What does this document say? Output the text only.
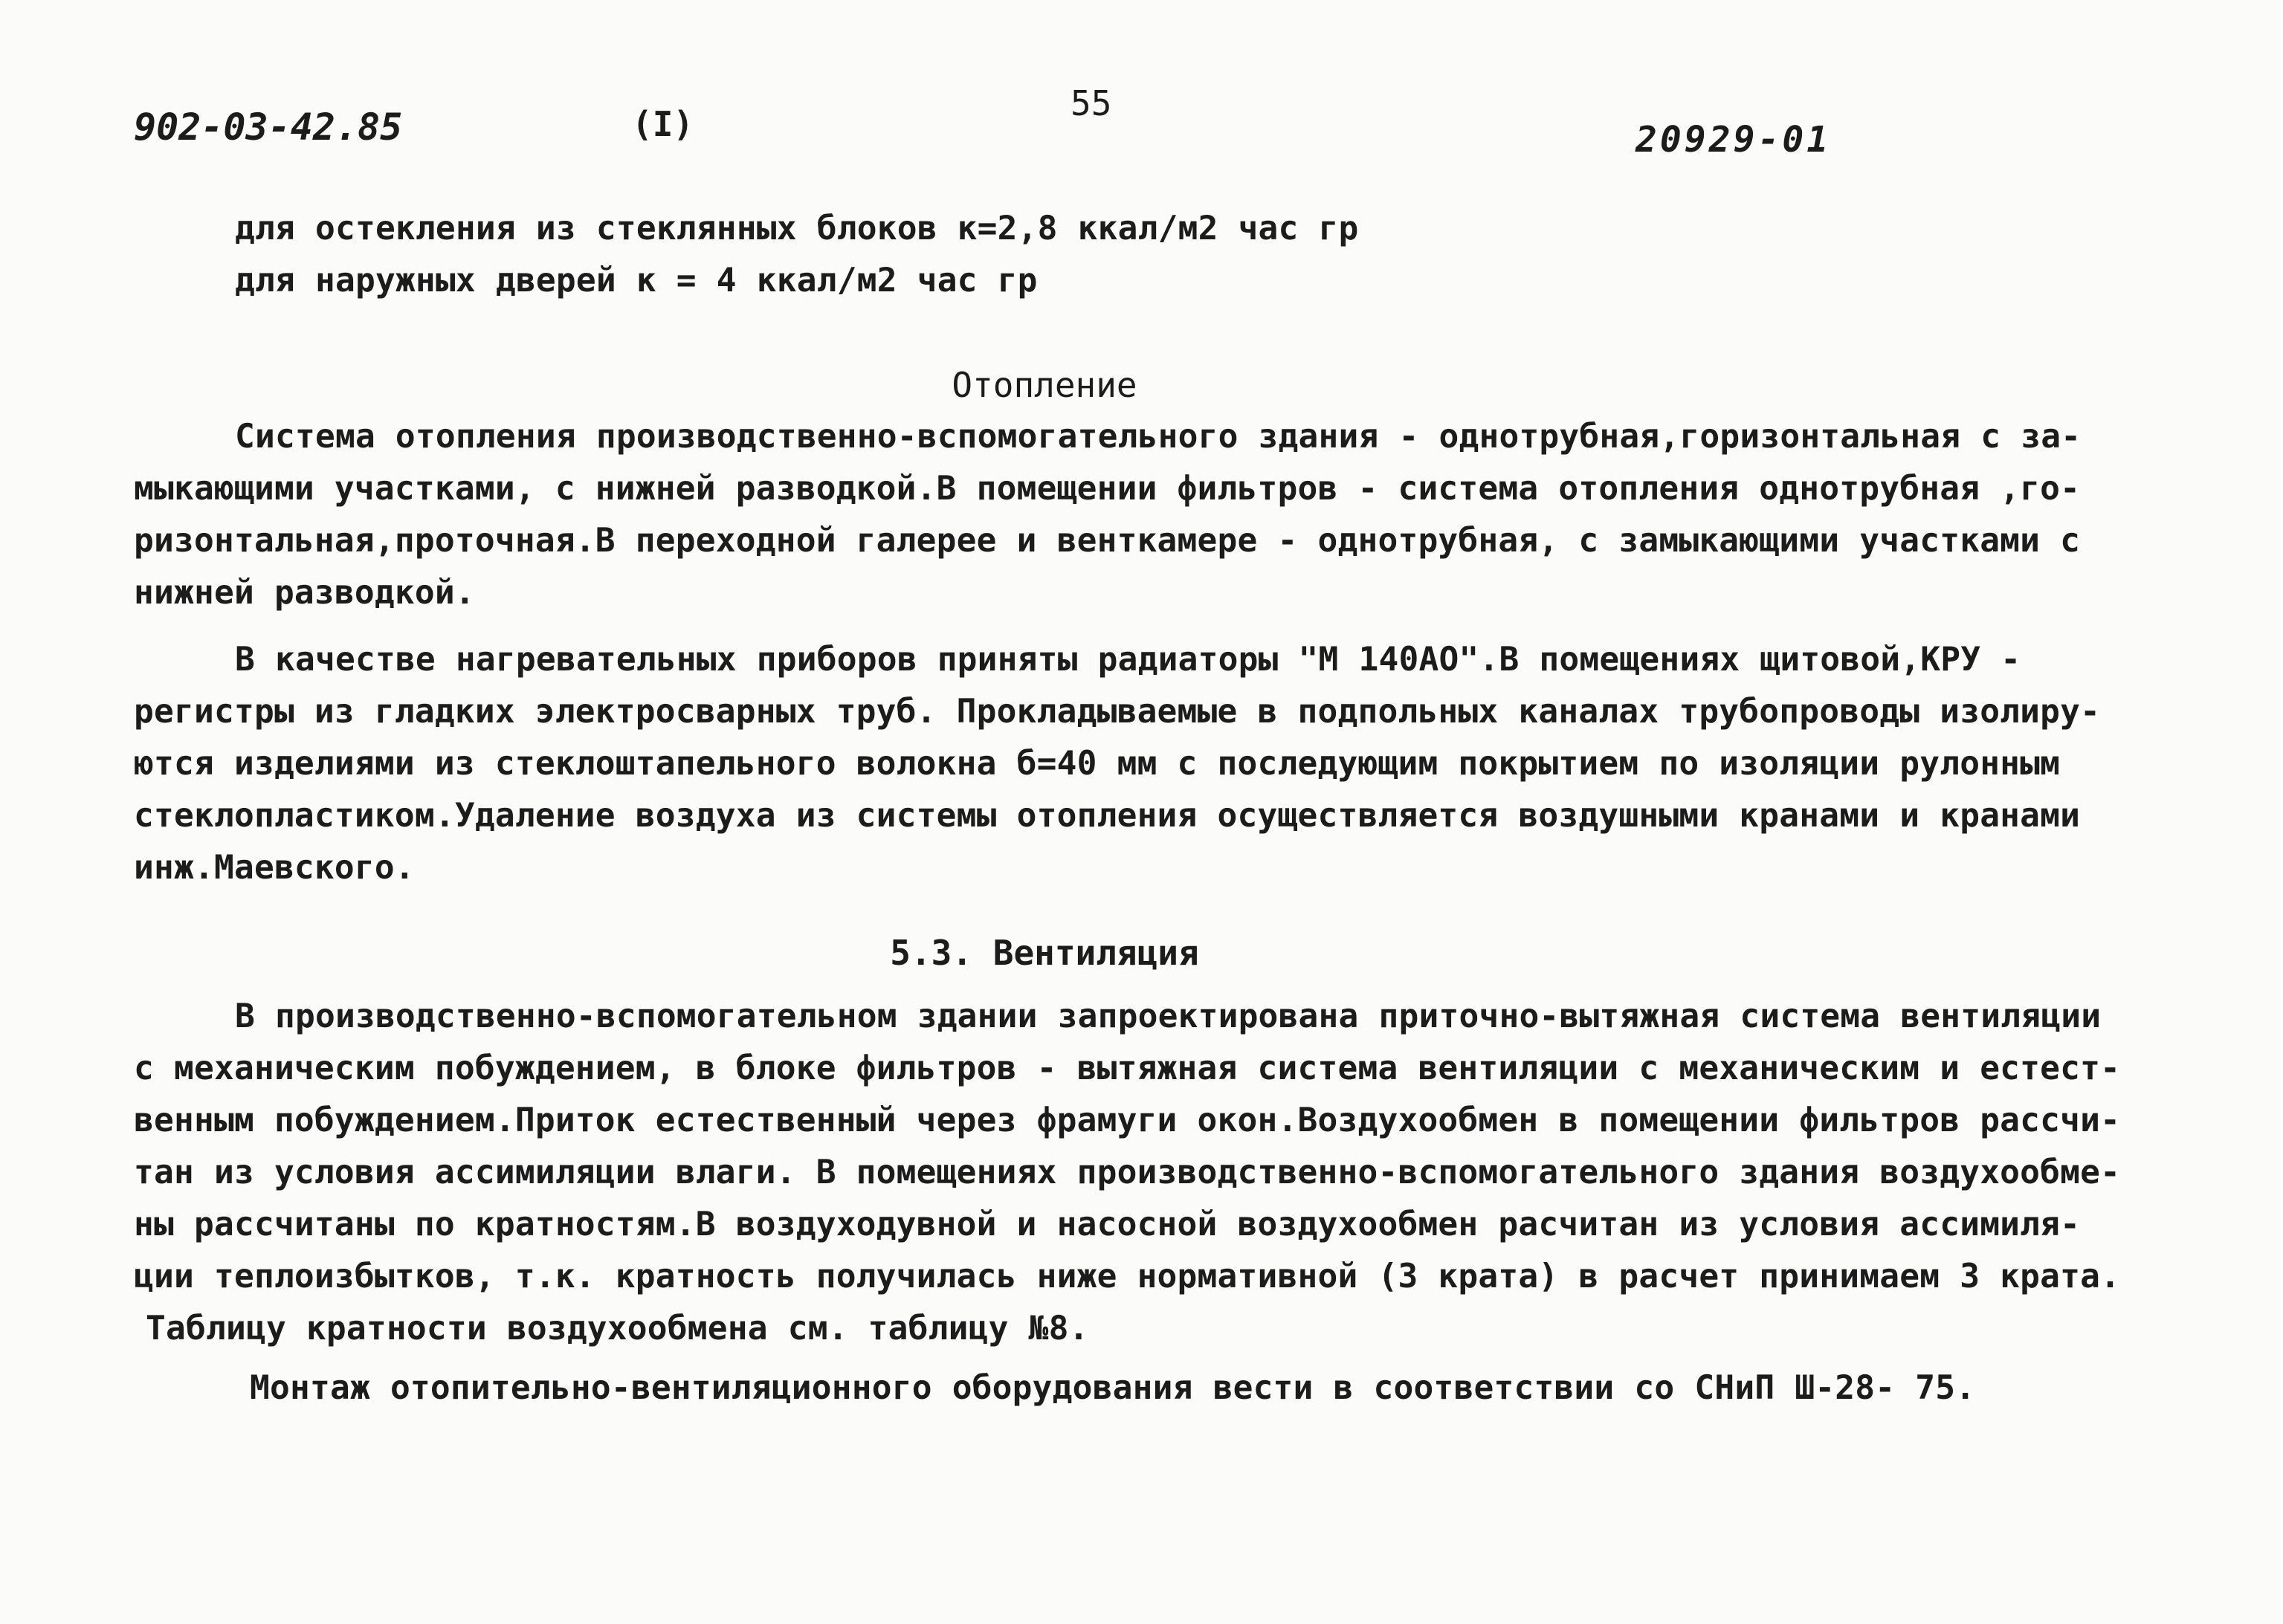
902-03-42.85	(I)
55
20929-01
для остекления из стеклянных блоков к=2,8 ккал/м2 час гр
для наружных дверей к = 4 ккал/м2 час гр
Отопление
Система отопления производственно-вспомогательного здания - однотрубная,горизонтальная с за-
мыкающими участками, с нижней разводкой.В помещении фильтров - система отопления однотрубная ,го-
ризонтальная,проточная.В переходной галерее и венткамере - однотрубная, с замыкающими участками с
нижней разводкой.
В качестве нагревательных приборов приняты радиаторы "М 140АО".В помещениях щитовой,КРУ -
регистры из гладких электросварных труб. Прокладываемые в подпольных каналах трубопроводы изолиру-
ются изделиями из стеклоштапельного волокна б=40 мм с последующим покрытием по изоляции рулонным
стеклопластиком.Удаление воздуха из системы отопления осуществляется воздушными кранами и кранами
инж.Маевского.
5.3. Вентиляция
В производственно-вспомогательном здании запроектирована приточно-вытяжная система вентиляции
с механическим побуждением, в блоке фильтров - вытяжная система вентиляции с механическим и естест-
венным побуждением.Приток естественный через фрамуги окон.Воздухообмен в помещении фильтров рассчи-
тан из условия ассимиляции влаги. В помещениях производственно-вспомогательного здания воздухообме-
ны рассчитаны по кратностям.В воздуходувной и насосной воздухообмен расчитан из условия ассимиля-
ции теплоизбытков, т.к. кратность получилась ниже нормативной (3 крата) в расчет принимаем 3 крата.
Таблицу кратности воздухообмена см. таблицу №8.
Монтаж отопительно-вентиляционного оборудования вести в соответствии со СНиП Ш-28- 75.
